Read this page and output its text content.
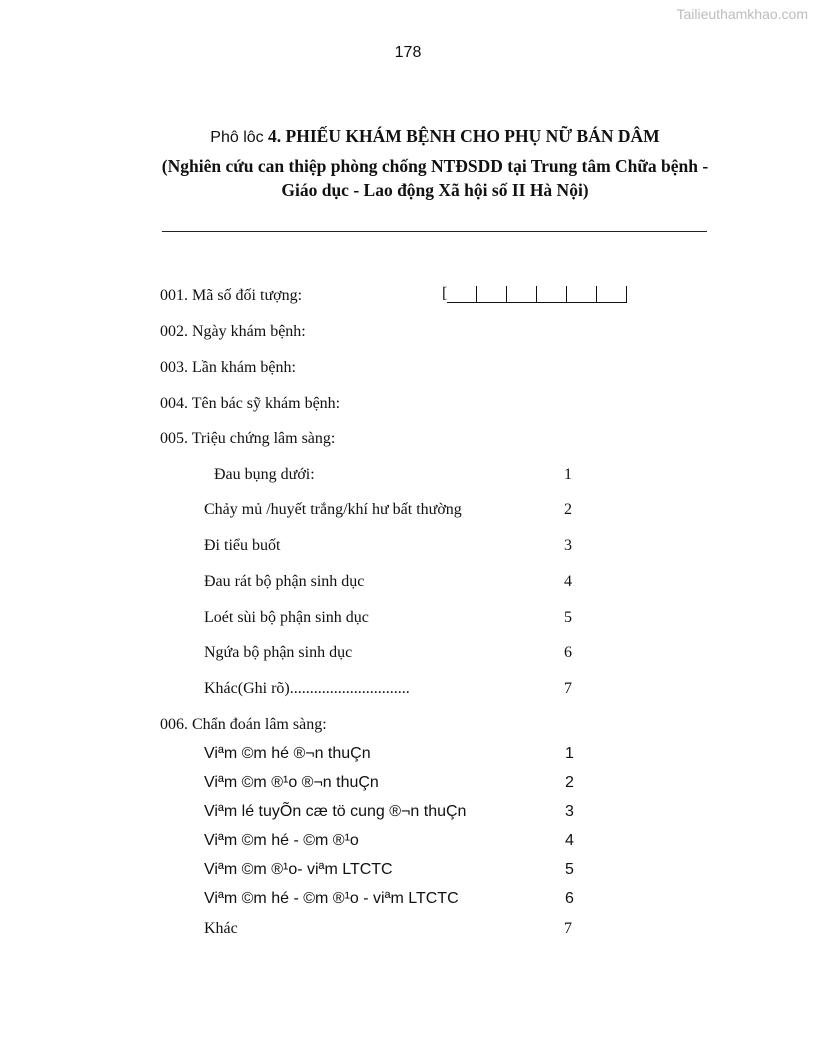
Tailieuthamkhao.com
178
Phô lôc 4. PHIẾU KHÁM BỆNH CHO PHỤ NỮ BÁN DÂM
(Nghiên cứu can thiệp phòng chống NTĐSDD tại Trung tâm Chữa bệnh -
Giáo dục - Lao động Xã hội số II Hà Nội)
001. Mã số đối tượng:	[
002. Ngày khám bệnh:
003. Lần khám bệnh:
004. Tên bác sỹ khám bệnh:
005. Triệu chứng lâm sàng:
Đau bụng dưới:	1
Chảy mủ /huyết trắng/khí hư bất thường	2
Đi tiểu buốt	3
Đau rát bộ phận sinh dục	4
Loét sùi bộ phận sinh dục	5
Ngứa bộ phận sinh dục	6
Khác(Ghi rõ)..............................	7
006. Chẩn đoán lâm sàng:
Viªm ©m hé ®¬n thuÇn	1
Viªm ©m ®¹o ®¬n thuÇn	2
Viªm lé tuyÕn cæ tö cung ®¬n thuÇn	3
Viªm ©m hé - ©m ®¹o	4
Viªm ©m ®¹o- viªm LTCTC	5
Viªm ©m hé - ©m ®¹o - viªm LTCTC	6
Khác	7
